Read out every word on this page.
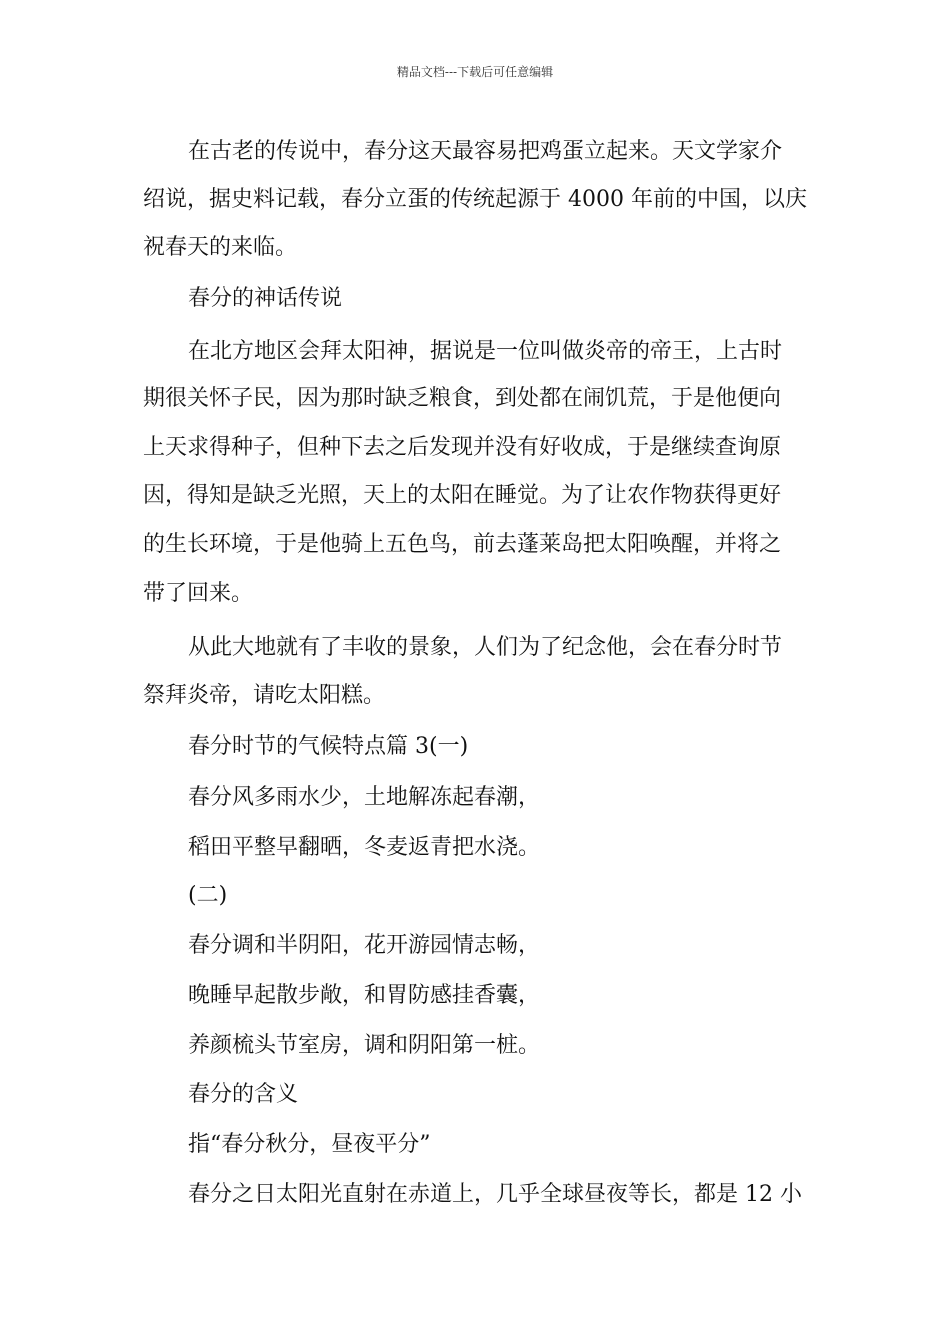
精品文档---下载后可任意编辑

在古老的传说中，春分这天最容易把鸡蛋立起来。天文学家介

绍说，据史料记载，春分立蛋的传统起源于 4000 年前的中国，以庆

祝春天的来临。

春分的神话传说

在北方地区会拜太阳神，据说是一位叫做炎帝的帝王，上古时

期很关怀子民，因为那时缺乏粮食，到处都在闹饥荒，于是他便向

上天求得种子，但种下去之后发现并没有好收成，于是继续查询原

因，得知是缺乏光照，天上的太阳在睡觉。为了让农作物获得更好

的生长环境，于是他骑上五色鸟，前去蓬莱岛把太阳唤醒，并将之

带了回来。

从此大地就有了丰收的景象，人们为了纪念他，会在春分时节

祭拜炎帝，请吃太阳糕。

春分时节的气候特点篇 3(一)

春分风多雨水少，土地解冻起春潮，

稻田平整早翻晒，冬麦返青把水浇。

(二)

春分调和半阴阳，花开游园情志畅，

晚睡早起散步敞，和胃防感挂香囊，

养颜梳头节室房，调和阴阳第一桩。

春分的含义

指“春分秋分，昼夜平分”

春分之日太阳光直射在赤道上，几乎全球昼夜等长，都是 12 小
